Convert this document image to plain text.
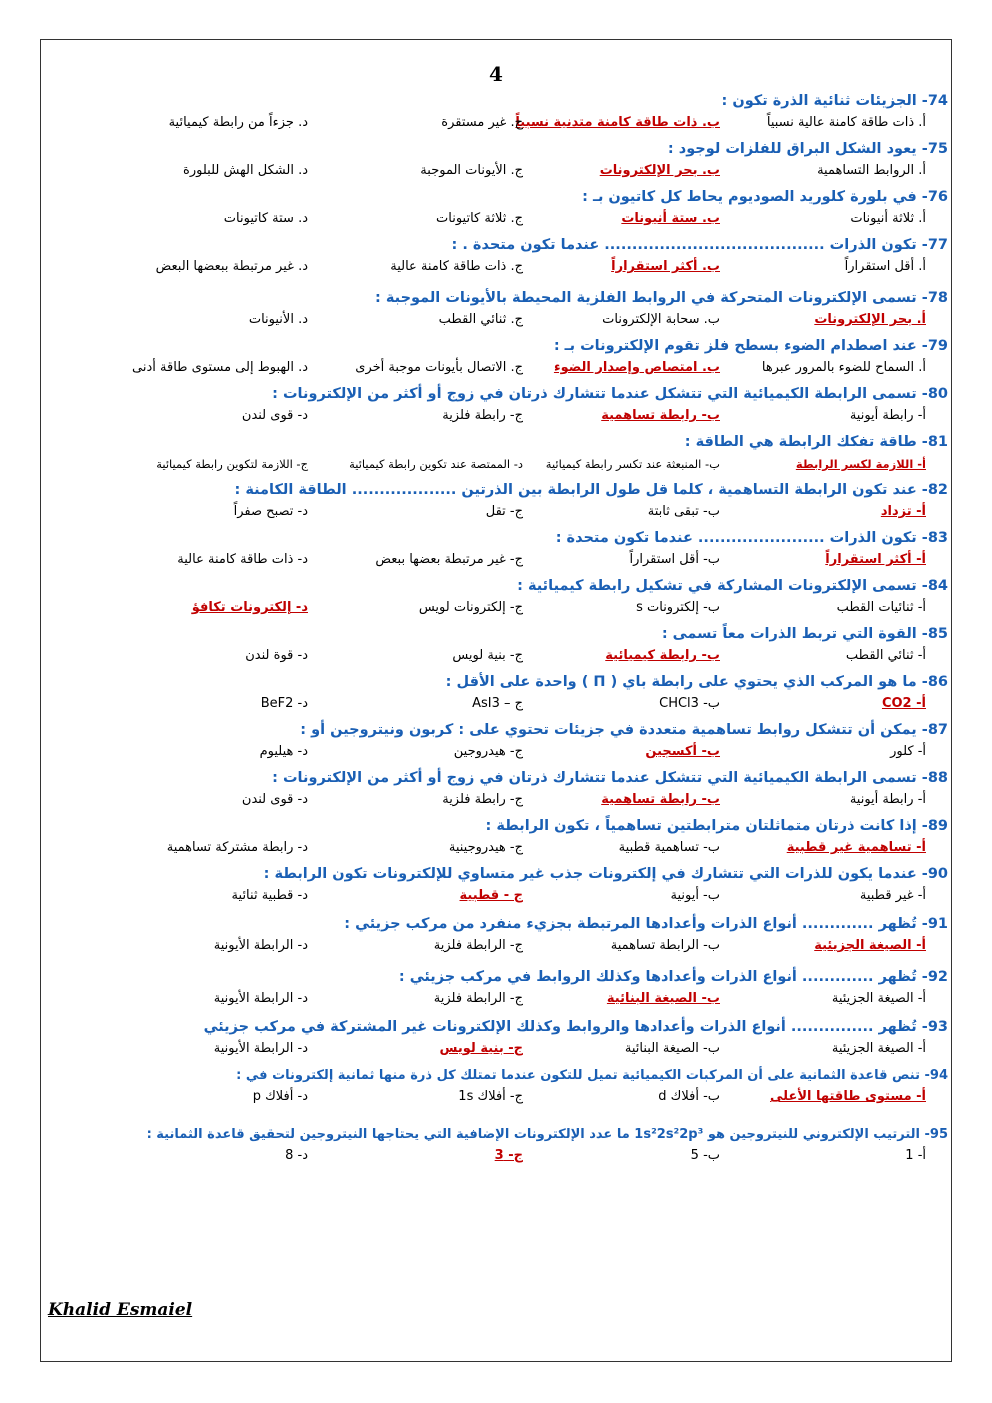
4
74- الجزيئات ثنائية الذرة تكون :
أ. ذات طاقة كامنة عالية نسبياً
ب. ذات طاقة كامنة متدنية نسبياً
ج. غير مستقرة
د. جزءاً من رابطة كيميائية
75- يعود الشكل البراق للفلزات لوجود :
أ. الروابط التساهمية
ب. بحر الإلكترونات
ج. الأيونات الموجبة
د. الشكل الهش للبلورة
76- في بلورة كلوريد الصوديوم يحاط كل كاتيون بـ :
أ. ثلاثة أنيونات
ب. ستة أنيونات
ج. ثلاثة كاتيونات
د. ستة كاتيونات
77- تكون الذرات ........................................ عندما تكون متحدة . :
أ. أقل استقراراً
ب. أكثر استقراراً
ج. ذات طاقة كامنة عالية
د. غير مرتبطة ببعضها البعض
78- تسمى الإلكترونات المتحركة في الروابط الفلزية المحيطة بالأيونات الموجبة :
أ. بحر الإلكترونات
ب. سحابة الإلكترونات
ج. ثنائي القطب
د. الأنيونات
79- عند اصطدام الضوء بسطح فلز تقوم الإلكترونات بـ :
أ. السماح للضوء بالمرور عبرها
ب. امتصاص وإصدار الضوء
ج. الاتصال بأيونات موجبة أخرى
د. الهبوط إلى مستوى طاقة أدنى
80- تسمى الرابطة الكيميائية التي تتشكل عندما تتشارك ذرتان في زوج أو أكثر من الإلكترونات :
أ- رابطة أيونية
ب- رابطة تساهمية
ج- رابطة فلزية
د- قوى لندن
81- طاقة تفكك الرابطة هي الطاقة :
أ- اللازمة لكسر الرابطة
ب- المنبعثة عند تكسر رابطة كيميائية
د- الممتصة عند تكوين رابطة كيميائية
ج- اللازمة لتكوين رابطة كيميائية
82- عند تكون الرابطة التساهمية ، كلما قل طول الرابطة بين الذرتين ................... الطاقة الكامنة :
أ- تزداد
ب- تبقى ثابتة
ج- تقل
د- تصبح صفراً
83- تكون الذرات ....................... عندما تكون متحدة :
أ- أكثر استقراراً
ب- أقل استقراراً
ج- غير مرتبطة بعضها ببعض
د- ذات طاقة كامنة عالية
84- تسمى الإلكترونات المشاركة في تشكيل رابطة كيميائية :
أ- ثنائيات القطب
ب- إلكترونات s
ج- إلكترونات لويس
د- إلكترونات تكافؤ
85- القوة التي تربط الذرات معاً تسمى :
أ- ثنائي القطب
ب- رابطة كيميائية
ج- بنية لويس
د- قوة لندن
86- ما هو المركب الذي يحتوي على رابطة باي ( Π ) واحدة على الأقل :
أ- CO2
ب- CHCl3
ج – AsI3
د- BeF2
87- يمكن أن تتشكل روابط تساهمية متعددة في جزيئات تحتوي على : كربون ونيتروجين أو :
أ- كلور
ب- أكسجين
ج- هيدروجين
د- هيليوم
88- تسمى الرابطة الكيميائية التي تتشكل عندما تتشارك ذرتان في زوج أو أكثر من الإلكترونات :
أ- رابطة أيونية
ب- رابطة تساهمية
ج- رابطة فلزية
د- قوى لندن
89- إذا كانت ذرتان متماثلتان مترابطتين تساهمياً ، تكون الرابطة :
أ- تساهمية غير قطبية
ب- تساهمية قطبية
ج- هيدروجينية
د- رابطة مشتركة تساهمية
90- عندما يكون للذرات التي تتشارك في إلكترونات جذب غير متساوي للإلكترونات تكون الرابطة :
أ- غير قطبية
ب- أيونية
ج - قطبية
د- قطبية ثنائية
91- تُظهر ............. أنواع الذرات وأعدادها المرتبطة بجزيء منفرد من مركب جزيئي :
أ- الصيغة الجزيئية
ب- الرابطة تساهمية
ج- الرابطة فلزية
د- الرابطة الأيونية
92- تُظهر ............. أنواع الذرات وأعدادها وكذلك الروابط في مركب جزيئي :
أ- الصيغة الجزيئية
ب- الصيغة البنائية
ج- الرابطة فلزية
د- الرابطة الأيونية
93- تُظهر ............... أنواع الذرات وأعدادها والروابط وكذلك الإلكترونات غير المشتركة في مركب جزيئي
أ- الصيغة الجزيئية
ب- الصيغة البنائية
ج- بنية لويس
د- الرابطة الأيونية
94- تنص قاعدة الثمانية على أن المركبات الكيميائية تميل للتكون عندما تمتلك كل ذرة منها ثمانية إلكترونات في :
أ- مستوى طاقتها الأعلى
ب- أفلاك d
ج- أفلاك 1s
د- أفلاك p
95- الترتيب الإلكتروني للنيتروجين هو 1s²2s²2p³ ما عدد الإلكترونات الإضافية التي يحتاجها النيتروجين لتحقيق قاعدة الثمانية :
أ- 1
ب- 5
ج- 3
د- 8
Khalid Esmaiel
